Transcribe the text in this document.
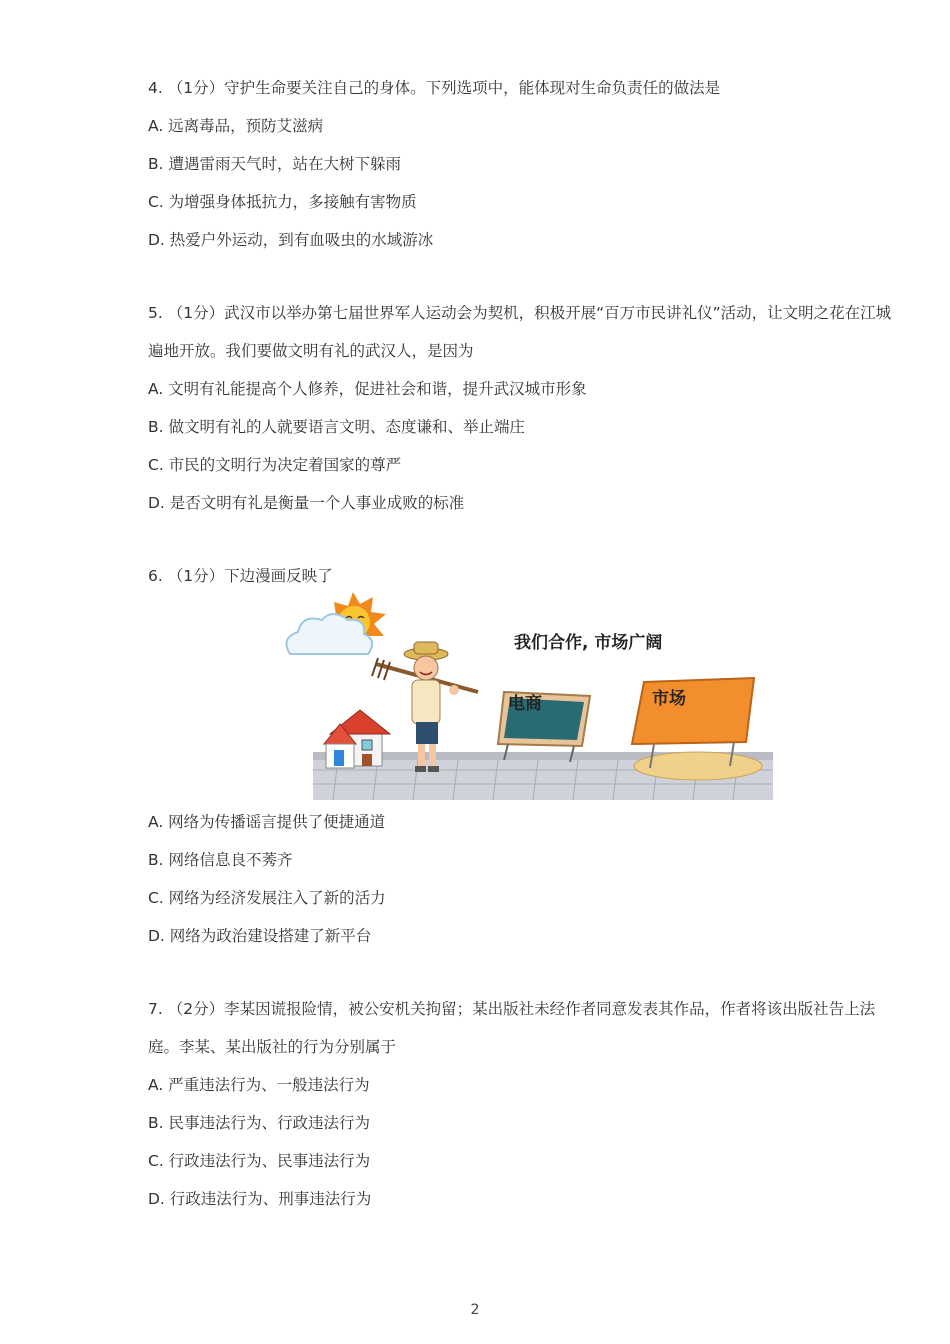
4. （1分）守护生命要关注自己的身体。下列选项中，能体现对生命负责任的做法是
A. 远离毒品，预防艾滋病
B. 遭遇雷雨天气时，站在大树下躲雨
C. 为增强身体抵抗力，多接触有害物质
D. 热爱户外运动，到有血吸虫的水域游冰
5. （1分）武汉市以举办第七届世界军人运动会为契机，积极开展“百万市民讲礼仪”活动，让文明之花在江城遍地开放。我们要做文明有礼的武汉人，是因为
A. 文明有礼能提高个人修养，促进社会和谐，提升武汉城市形象
B. 做文明有礼的人就要语言文明、态度谦和、举止端庄
C. 市民的文明行为决定着国家的尊严
D. 是否文明有礼是衡量一个人事业成败的标准
6. （1分）下边漫画反映了
电商	市场
我们合作, 市场广阔
A. 网络为传播谣言提供了便捷通道
B. 网络信息良不莠齐
C. 网络为经济发展注入了新的活力
D. 网络为政治建设搭建了新平台
7. （2分）李某因谎报险情，被公安机关拘留；某出版社未经作者同意发表其作品，作者将该出版社告上法庭。李某、某出版社的行为分别属于
A. 严重违法行为、一般违法行为
B. 民事违法行为、行政违法行为
C. 行政违法行为、民事违法行为
D. 行政违法行为、刑事违法行为
2
